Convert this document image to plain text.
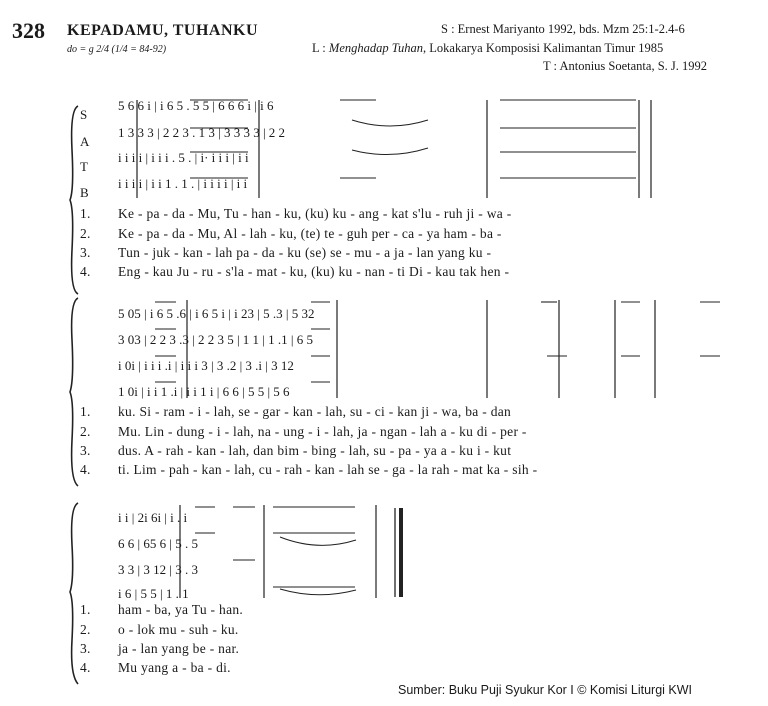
328 KEPADAMU, TUHANKU
do = g 2/4 (1/4 = 84-92)
S : Ernest Mariyanto 1992, bds. Mzm 25:1-2.4-6
L : Menghadap Tuhan, Lokakarya Komposisi Kalimantan Timur 1985
T : Antonius Soetanta, S. J. 1992
S
A
T
B
5 6 6 i | i 6 5 . 5 5 | 6 6 6 i | i 6
1 3 3 3 | 2 2 3 . 1 3 | 3 3 3 3 | 2 2
i i i i | i i i . 5 . | i· i i i | i i
i i i i | i i 1 . 1 . | i i i i | i i
1.
2.
3.
4.
Ke - pa - da - Mu, Tu - han - ku, (ku) ku - ang - kat s'lu - ruh ji - wa -
Ke - pa - da - Mu, Al - lah - ku, (te) te - guh per - ca - ya ham - ba -
Tun - juk - kan - lah pa - da - ku (se) se - mu - a ja - lan yang ku -
Eng - kau Ju - ru - s'la - mat - ku, (ku) ku - nan - ti Di - kau tak hen -
5 05 | i 6 5 .6 | i 6 5 i | i 23 | 5 .3 | 5 32
3 03 | 2 2 3 .3 | 2 2 3 5 | 1 1 | 1 .1 | 6 5
i 0i | i i i .i | i i i 3 | 3 .2 | 3 .i | 3 12
1 0i | i i 1 .i | i i 1 i | 6 6 | 5 5 | 5 6
1.
2.
3.
4.
ku. Si - ram - i - lah, se - gar - kan - lah, su - ci - kan ji - wa, ba - dan
Mu. Lin - dung - i - lah, na - ung - i - lah, ja - ngan - lah a - ku di - per -
dus. A - rah - kan - lah, dan bim - bing - lah, su - pa - ya a - ku i - kut
ti. Lim - pah - kan - lah, cu - rah - kan - lah se - ga - la rah - mat ka - sih -
i i | 2i 6i | i . i
6 6 | 65 6 | 5 . 5
3 3 | 3 12 | 3 . 3
i 6 | 5 5 | 1 . 1
1.
2.
3.
4.
ham - ba, ya Tu - han.
o - lok mu - suh - ku.
ja - lan yang be - nar.
Mu yang a - ba - di.
Sumber: Buku Puji Syukur Kor I © Komisi Liturgi KWI
